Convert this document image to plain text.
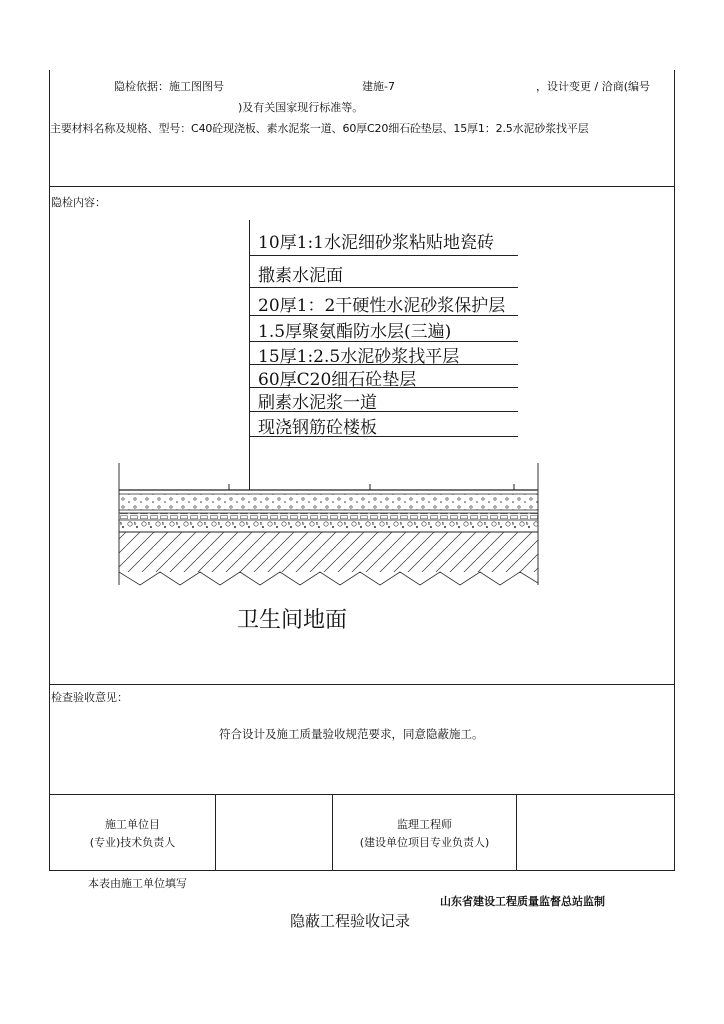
隐检依据：施工图图号	建施-7	，设计变更 / 洽商(编号
)及有关国家现行标准等。
主要材料名称及规格、型号：C40砼现浇板、素水泥浆一道、60厚C20细石砼垫层、15厚1：2.5水泥砂浆找平层
隐检内容：
10厚1:1水泥细砂浆粘贴地瓷砖
撒素水泥面
20厚1：2干硬性水泥砂浆保护层
1.5厚聚氨酯防水层(三遍)
15厚1:2.5水泥砂浆找平层
60厚C20细石砼垫层
刷素水泥浆一道
现浇钢筋砼楼板
卫生间地面
检查验收意见：
符合设计及施工质量验收规范要求，同意隐蔽施工。
施工单位目
(专业)技术负责人
监理工程师
(建设单位项目专业负责人)
本表由施工单位填写
山东省建设工程质量监督总站监制
隐蔽工程验收记录
